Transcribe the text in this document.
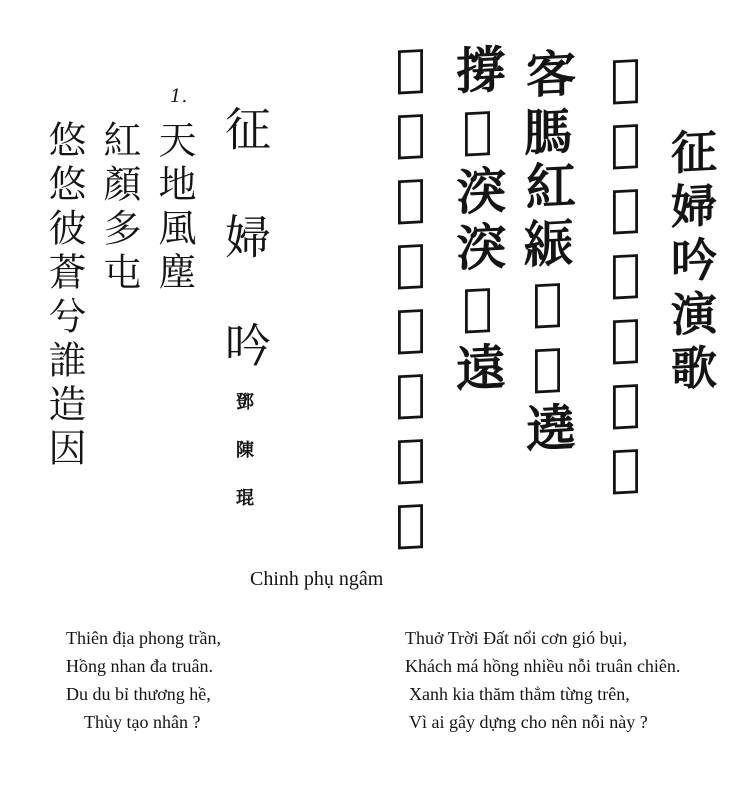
征婦吟演歌
𣋚盃坦沒干𡺀塘
客𦟐紅𦁟𣦍𢆥遶
撐𡗶湥湥𢈱遠
𠹾埃𦰟𢒎朱𡬷𣦍㝵
征婦吟
鄧陳琨
1.
天地風塵
紅顏多屯
悠悠彼蒼兮誰造因
Chinh phụ ngâm
Thiên địa phong trần,
Hồng nhan đa truân.
Du du bỉ thương hề,
Thùy tạo nhân ?
Thuở Trời Đất nổi cơn gió bụi,
Khách má hồng nhiều nỗi truân chiên.
Xanh kia thăm thẳm từng trên,
Vì ai gây dựng cho nên nỗi này ?
